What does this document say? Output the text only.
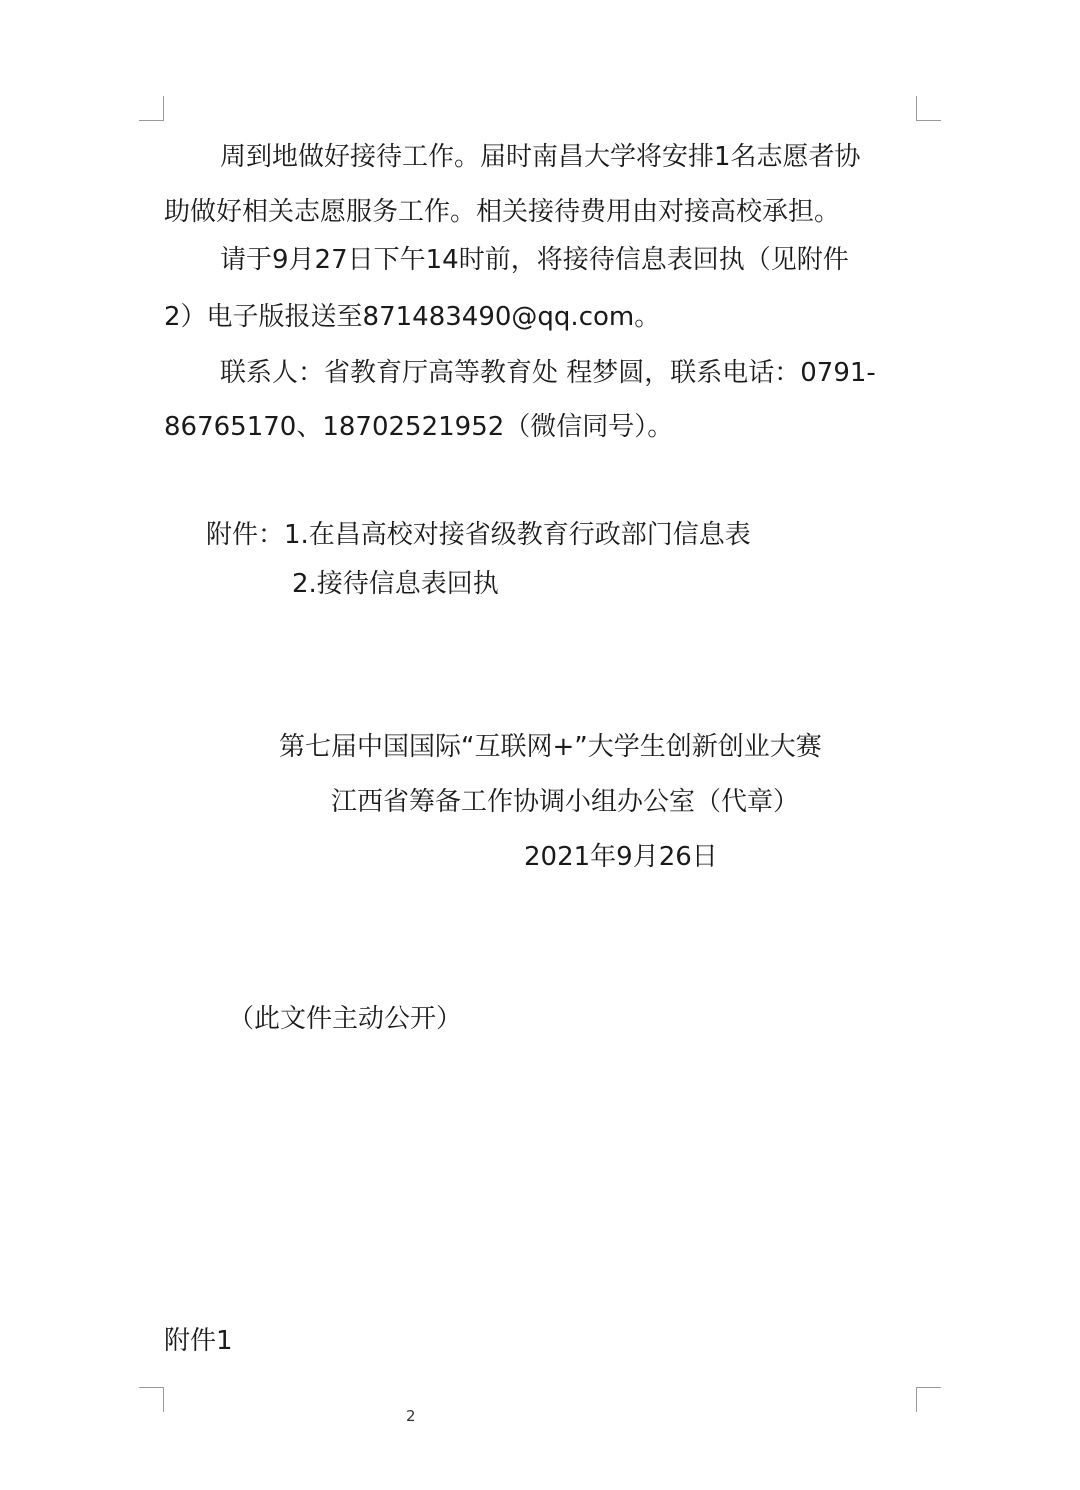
周到地做好接待工作。届时南昌大学将安排1名志愿者协
助做好相关志愿服务工作。相关接待费用由对接高校承担。
请于9月27日下午14时前，将接待信息表回执（见附件
2）电子版报送至871483490@qq.com。
联系人：省教育厅高等教育处 程梦圆，联系电话：0791-
86765170、18702521952（微信同号）。
附件：1.在昌高校对接省级教育行政部门信息表
2.接待信息表回执
第七届中国国际“互联网+”大学生创新创业大赛
江西省筹备工作协调小组办公室（代章）
2021年9月26日
（此文件主动公开）
附件1
2
